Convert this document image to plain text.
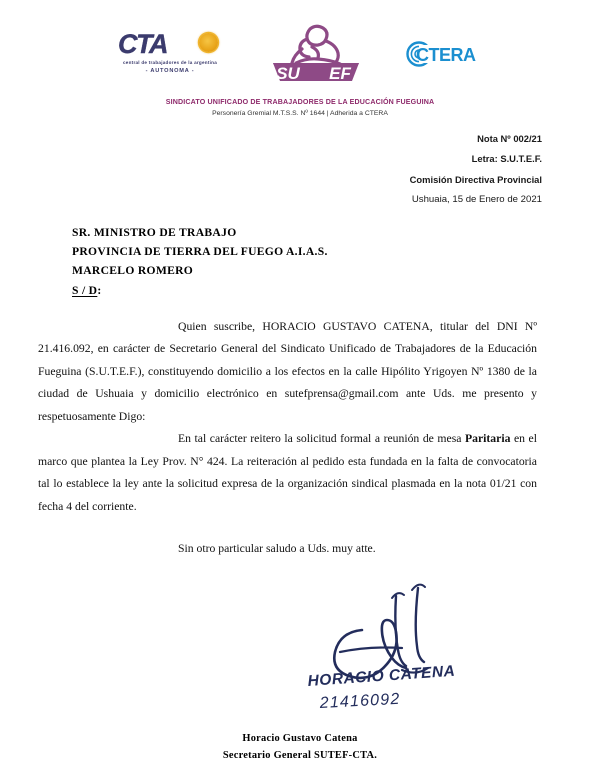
CTA
central de trabajadores de la argentina
- AUTONOMA -	SU EF
CTERA
SINDICATO UNIFICADO DE TRABAJADORES DE LA EDUCACIÓN FUEGUINA
Personería Gremial M.T.S.S. Nº 1644 | Adherida a CTERA
Nota Nº 002/21
Letra: S.U.T.E.F.
Comisión Directiva Provincial
Ushuaia, 15 de Enero de 2021
SR. MINISTRO DE TRABAJO
PROVINCIA DE TIERRA DEL FUEGO A.I.A.S.
MARCELO ROMERO
S / D:

Quien suscribe, HORACIO GUSTAVO CATENA, titular del DNI Nº 21.416.092, en carácter de Secretario General del Sindicato Unificado de Trabajadores de la Educación Fueguina (S.U.T.E.F.), constituyendo domicilio a los efectos en la calle Hipólito Yrigoyen Nº 1380 de la ciudad de Ushuaia y domicilio electrónico en sutefprensa@gmail.com ante Uds. me presento y respetuosamente Digo:

En tal carácter reitero la solicitud formal a reunión de mesa Paritaria en el marco que plantea la Ley Prov. N° 424. La reiteración al pedido esta fundada en la falta de convocatoria tal lo establece la ley ante la solicitud expresa de la organización sindical plasmada en la nota 01/21 con fecha 4 del corriente.

Sin otro particular saludo a Uds. muy atte.
HORACIO CATENA
21416092
Horacio Gustavo Catena
Secretario General SUTEF-CTA.
